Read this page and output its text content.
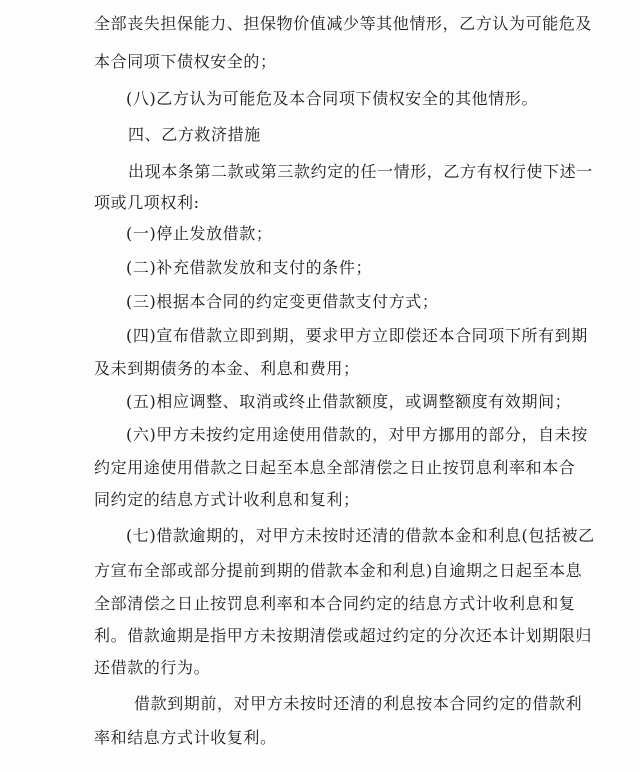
全部丧失担保能力、担保物价值减少等其他情形，乙方认为可能危及

本合同项下债权安全的；

(八)乙方认为可能危及本合同项下债权安全的其他情形。

四、乙方救济措施

出现本条第二款或第三款约定的任一情形，乙方有权行使下述一

项或几项权利:

(一)停止发放借款；

(二)补充借款发放和支付的条件；

(三)根据本合同的约定变更借款支付方式；

(四)宣布借款立即到期，要求甲方立即偿还本合同项下所有到期

及未到期债务的本金、利息和费用；

(五)相应调整、取消或终止借款额度，或调整额度有效期间；

(六)甲方未按约定用途使用借款的，对甲方挪用的部分，自未按

约定用途使用借款之日起至本息全部清偿之日止按罚息利率和本合

同约定的结息方式计收利息和复利；

(七)借款逾期的，对甲方未按时还清的借款本金和利息(包括被乙

方宣布全部或部分提前到期的借款本金和利息)自逾期之日起至本息

全部清偿之日止按罚息利率和本合同约定的结息方式计收利息和复

利。借款逾期是指甲方未按期清偿或超过约定的分次还本计划期限归

还借款的行为。

借款到期前，对甲方未按时还清的利息按本合同约定的借款利

率和结息方式计收复利。
